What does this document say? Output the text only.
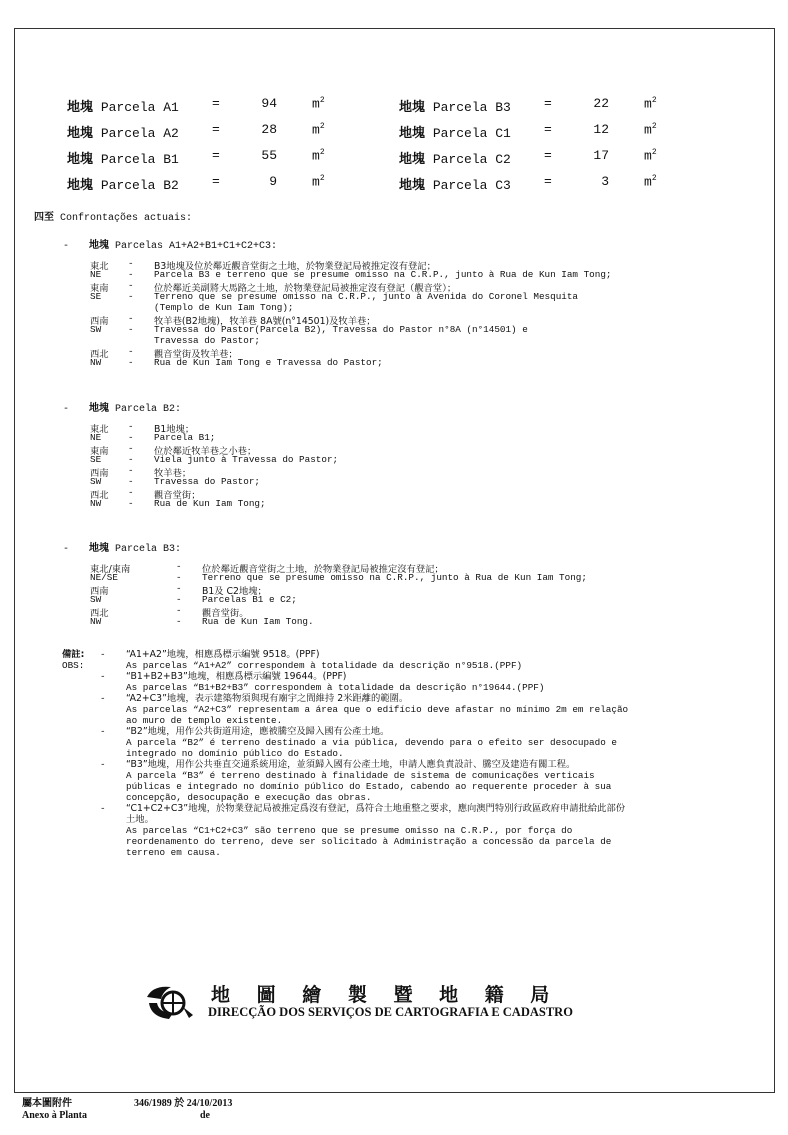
地塊 Parcela A1	=	94	$m^2$
地塊 Parcela A2	=	28	$m^2$
地塊 Parcela B1	=	55	$m^2$
地塊 Parcela B2	=	9	$m^2$
地塊 Parcela B3	=	22	$m^2$
地塊 Parcela C1	=	12	$m^2$
地塊 Parcela C2	=	17	$m^2$
地塊 Parcela C3	=	3	$m^2$
四至 Confrontações actuais:
- 地塊 Parcelas A1+A2+B1+C1+C2+C3:
東北 - B3地塊及位於鄰近觀音堂街之土地，於物業登記局被推定沒有登記；
NE	- Parcela B3 e terreno que se presume omisso na C.R.P., junto à Rua de Kun Iam Tong;
東南 - 位於鄰近美副將大馬路之土地，於物業登記局被推定沒有登記（觀音堂）；
SE	- Terreno que se presume omisso na C.R.P., junto à Avenida do Coronel Mesquita
(Templo de Kun Iam Tong);
西南 - 牧羊巷(B2地塊)，牧羊巷 8A號(n°14501)及牧羊巷；
SW	- Travessa do Pastor(Parcela B2), Travessa do Pastor n°8A (n°14501) e
Travessa do Pastor;
西北 - 觀音堂街及牧羊巷；
NW	- Rua de Kun Iam Tong e Travessa do Pastor;
- 地塊 Parcela B2:
東北 - B1地塊；
NE	- Parcela B1;
東南 - 位於鄰近牧羊巷之小巷；
SE	- Viela junto à Travessa do Pastor;
西南 - 牧羊巷；
SW	- Travessa do Pastor;
西北 - 觀音堂街；
NW	- Rua de Kun Iam Tong;
- 地塊 Parcela B3:
東北/東南	- 位於鄰近觀音堂街之土地，於物業登記局被推定沒有登記；
NE/SE	- Terreno que se presume omisso na C.R.P., junto à Rua de Kun Iam Tong;
西南	- B1及 C2地塊；
SW	- Parcelas B1 e C2;
西北	- 觀音堂街。
NW	- Rua de Kun Iam Tong.
備註:
OBS:
- “A1+A2”地塊，相應爲標示編號 9518。(PPF)
As parcelas “A1+A2” correspondem à totalidade da descrição n°9518.(PPF)
- “B1+B2+B3”地塊，相應爲標示編號 19644。(PPF)
As parcelas “B1+B2+B3” correspondem à totalidade da descrição n°19644.(PPF)
- “A2+C3”地塊，表示建築物須與現有廟宇之間維持 2米距離的範圍。
As parcelas “A2+C3” representam a área que o edifício deve afastar no mínimo 2m em relação
ao muro de templo existente.
- “B2”地塊，用作公共街道用途，應被騰空及歸入國有公產土地。
A parcela “B2” é terreno destinado a via pública, devendo para o efeito ser desocupado e
integrado no domínio público do Estado.
- “B3”地塊，用作公共垂直交通系統用途，並須歸入國有公產土地，申請人應負責設計、騰空及建造有關工程。
A parcela “B3” é terreno destinado à finalidade de sistema de comunicações verticais
públicas e integrado no domínio público do Estado, cabendo ao requerente proceder à sua
concepção, desocupação e execução das obras.
- “C1+C2+C3”地塊，於物業登記局被推定爲沒有登記，爲符合土地重整之要求，應向澳門特別行政區政府申請批給此部份
土地。
As parcelas “C1+C2+C3” são terreno que se presume omisso na C.R.P., por força do
reordenamento do terreno, deve ser solicitado à Administração a concessão da parcela de
terreno em causa.
地 圖 繪 製 暨 地 籍 局
DIRECÇÃO DOS SERVIÇOS DE CARTOGRAFIA E CADASTRO
屬本圖附件	346/1989 於 24/10/2013
Anexo à Planta	de
